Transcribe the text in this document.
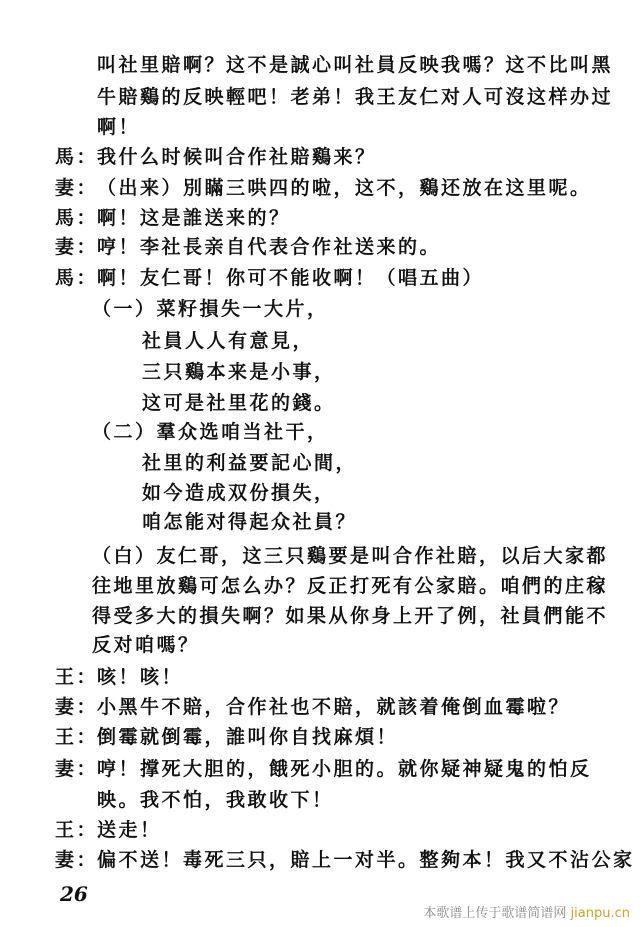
叫社里賠啊？这不是誠心叫社員反映我嗎？这不比叫黑
牛賠鷄的反映輕吧！老弟！我王友仁对人可沒这样办过
啊！
馬：
我什么时候叫合作社賠鷄来？
妻：
（出来）別瞞三哄四的啦，这不，鷄还放在这里呢。
馬：
啊！这是誰送来的？
妻：
哼！李社長亲自代表合作社送来的。
馬：
啊！友仁哥！你可不能收啊！（唱五曲）
（一）菜籽損失一大片，
社員人人有意見，
三只鷄本来是小事，
这可是社里花的錢。
（二）羣众选咱当社干，
社里的利益要記心間，
如今造成双份損失，
咱怎能对得起众社員？
（白）友仁哥，这三只鷄要是叫合作社賠，以后大家都
往地里放鷄可怎么办？反正打死有公家賠。咱們的庄稼
得受多大的損失啊？如果从你身上开了例，社員們能不
反对咱嗎？
王：
咳！咳！
妻：
小黑牛不賠，合作社也不賠，就該着俺倒血霉啦？
王：
倒霉就倒霉，誰叫你自找麻煩！
妻：
哼！撑死大胆的，餓死小胆的。就你疑神疑鬼的怕反
映。我不怕，我敢收下！
王：
送走！
妻：
偏不送！毒死三只，賠上一对半。整夠本！我又不沾公家
26
本歌谱上传于歌谱简谱网 jianpu.cn
